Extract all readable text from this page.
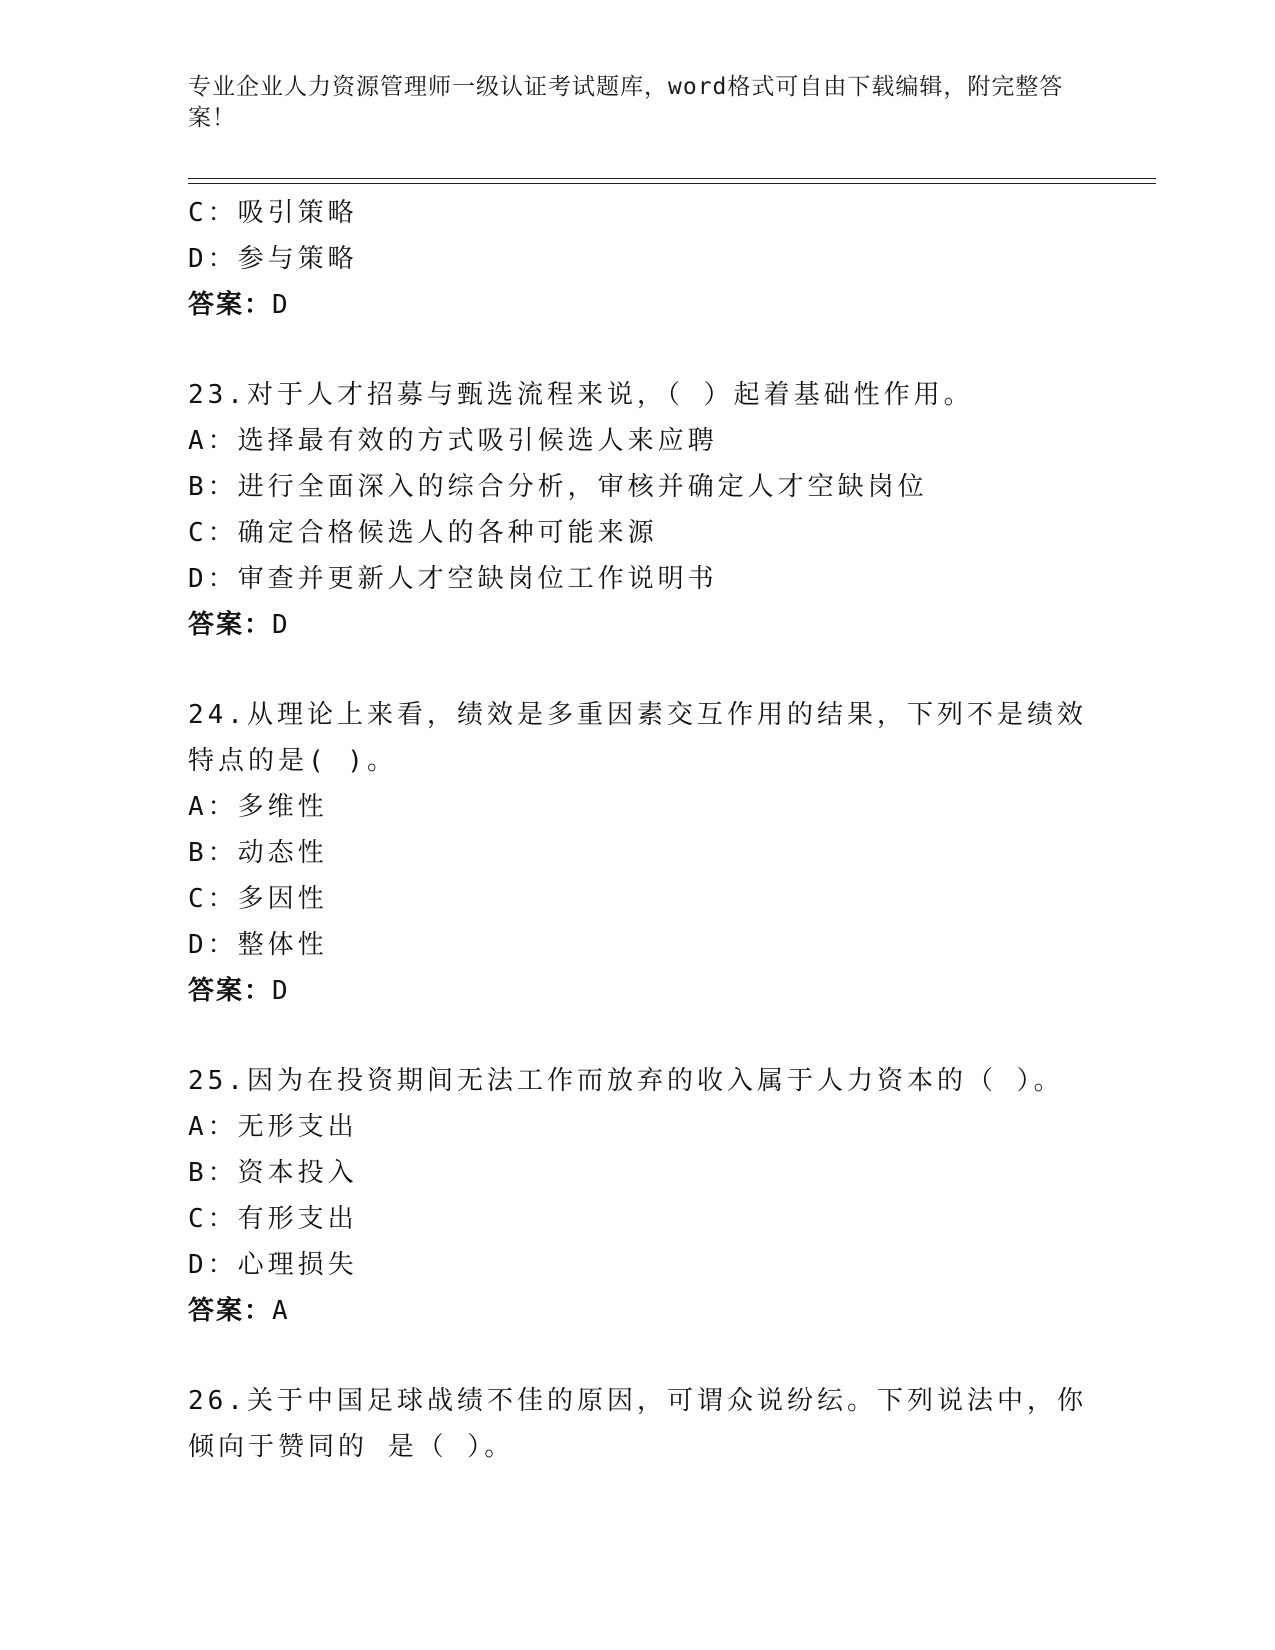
专业企业人力资源管理师一级认证考试题库，word格式可自由下载编辑，附完整答案！
C：吸引策略
D：参与策略
答案：D
23.对于人才招募与甄选流程来说，（ ）起着基础性作用。
A：选择最有效的方式吸引候选人来应聘
B：进行全面深入的综合分析，审核并确定人才空缺岗位
C：确定合格候选人的各种可能来源
D：审查并更新人才空缺岗位工作说明书
答案：D
24.从理论上来看，绩效是多重因素交互作用的结果，下列不是绩效特点的是( )。
A：多维性
B：动态性
C：多因性
D：整体性
答案：D
25.因为在投资期间无法工作而放弃的收入属于人力资本的（ ）。
A：无形支出
B：资本投入
C：有形支出
D：心理损失
答案：A
26.关于中国足球战绩不佳的原因，可谓众说纷纭。下列说法中，你倾向于赞同的 是（ ）。
